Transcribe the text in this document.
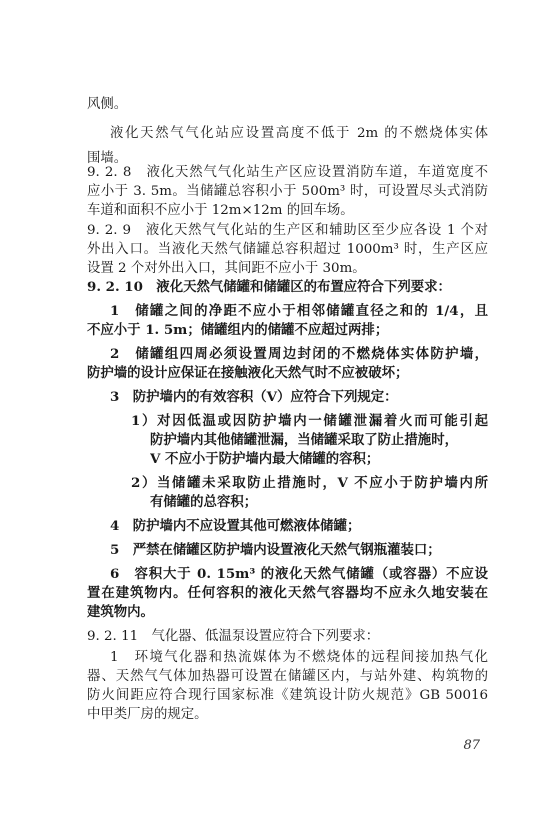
风侧。
液化天然气气化站应设置高度不低于 2m 的不燃烧体实体
围墙。
9. 2. 8　液化天然气气化站生产区应设置消防车道，车道宽度不
应小于 3. 5m。当储罐总容积小于 500m³ 时，可设置尽头式消防
车道和面积不应小于 12m×12m 的回车场。
9. 2. 9　液化天然气气化站的生产区和辅助区至少应各设 1 个对
外出入口。当液化天然气储罐总容积超过 1000m³ 时，生产区应
设置 2 个对外出入口，其间距不应小于 30m。
9. 2. 10　液化天然气储罐和储罐区的布置应符合下列要求：
1　储罐之间的净距不应小于相邻储罐直径之和的 1/4，且
不应小于 1. 5m；储罐组内的储罐不应超过两排；
2　储罐组四周必须设置周边封闭的不燃烧体实体防护墙，
防护墙的设计应保证在接触液化天然气时不应被破坏；
3　防护墙内的有效容积（V）应符合下列规定：
1）对因低温或因防护墙内一储罐泄漏着火而可能引起
防护墙内其他储罐泄漏，当储罐采取了防止措施时，
V 不应小于防护墙内最大储罐的容积；
2）当储罐未采取防止措施时，V 不应小于防护墙内所
有储罐的总容积；
4　防护墙内不应设置其他可燃液体储罐；
5　严禁在储罐区防护墙内设置液化天然气钢瓶灌装口；
6　容积大于 0. 15m³ 的液化天然气储罐（或容器）不应设
置在建筑物内。任何容积的液化天然气容器均不应永久地安装在
建筑物内。
9. 2. 11　气化器、低温泵设置应符合下列要求：
1　环境气化器和热流媒体为不燃烧体的远程间接加热气化
器、天然气气体加热器可设置在储罐区内，与站外建、构筑物的
防火间距应符合现行国家标准《建筑设计防火规范》GB 50016
中甲类厂房的规定。
87
